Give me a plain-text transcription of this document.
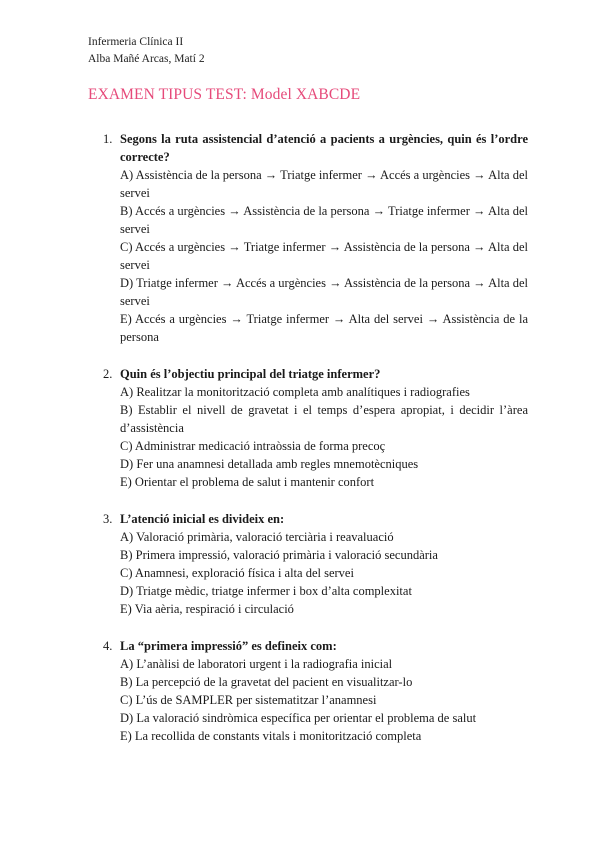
Infermeria Clínica II
Alba Mañé Arcas, Matí 2
EXAMEN TIPUS TEST: Model XABCDE
1. Segons la ruta assistencial d’atenció a pacients a urgències, quin és l’ordre correcte?
A) Assistència de la persona → Triatge infermer → Accés a urgències → Alta del servei
B) Accés a urgències → Assistència de la persona → Triatge infermer → Alta del servei
C) Accés a urgències → Triatge infermer → Assistència de la persona → Alta del servei
D) Triatge infermer → Accés a urgències → Assistència de la persona → Alta del servei
E) Accés a urgències → Triatge infermer → Alta del servei → Assistència de la persona
2. Quin és l’objectiu principal del triatge infermer?
A) Realitzar la monitorització completa amb analítiques i radiografies
B) Establir el nivell de gravetat i el temps d’espera apropiat, i decidir l’àrea d’assistència
C) Administrar medicació intraòssia de forma precoç
D) Fer una anamnesi detallada amb regles mnemotècniques
E) Orientar el problema de salut i mantenir confort
3. L’atenció inicial es divideix en:
A) Valoració primària, valoració terciària i reavaluació
B) Primera impressió, valoració primària i valoració secundària
C) Anamnesi, exploració física i alta del servei
D) Triatge mèdic, triatge infermer i box d’alta complexitat
E) Via aèria, respiració i circulació
4. La “primera impressió” es defineix com:
A) L’anàlisi de laboratori urgent i la radiografia inicial
B) La percepció de la gravetat del pacient en visualitzar-lo
C) L’ús de SAMPLER per sistematitzar l’anamnesi
D) La valoració sindròmica específica per orientar el problema de salut
E) La recollida de constants vitals i monitorització completa
